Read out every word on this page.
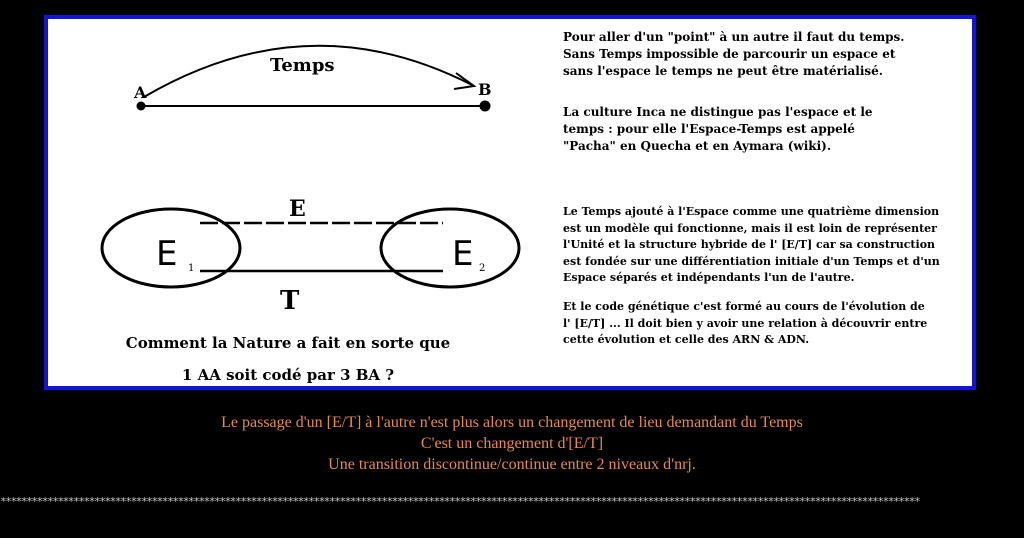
Temps
A	B
E
T
E 1	E 2
Comment la Nature a fait en sorte que
1 AA soit codé par 3 BA ?
Pour aller d'un "point" à un autre il faut du temps.
Sans Temps impossible de parcourir un espace et
sans l'espace le temps ne peut être matérialisé.
La culture Inca ne distingue pas l'espace et le
temps : pour elle l'Espace-Temps est appelé
"Pacha" en Quecha et en Aymara (wiki).
Le Temps ajouté à l'Espace comme une quatrième dimension
est un modèle qui fonctionne, mais il est loin de représenter
l'Unité et la structure hybride de l' [E/T] car sa construction
est fondée sur une différentiation initiale d'un Temps et d'un
Espace séparés et indépendants l'un de l'autre.
Et le code génétique c'est formé au cours de l'évolution de
l' [E/T] ... Il doit bien y avoir une relation à découvrir entre
cette évolution et celle des ARN & ADN.
Le passage d'un [E/T] à l'autre n'est plus alors un changement de lieu demandant du Temps
C'est un changement d'[E/T]
Une transition discontinue/continue entre 2 niveaux d'nrj.
********************************************************************************************************************************************************************************
